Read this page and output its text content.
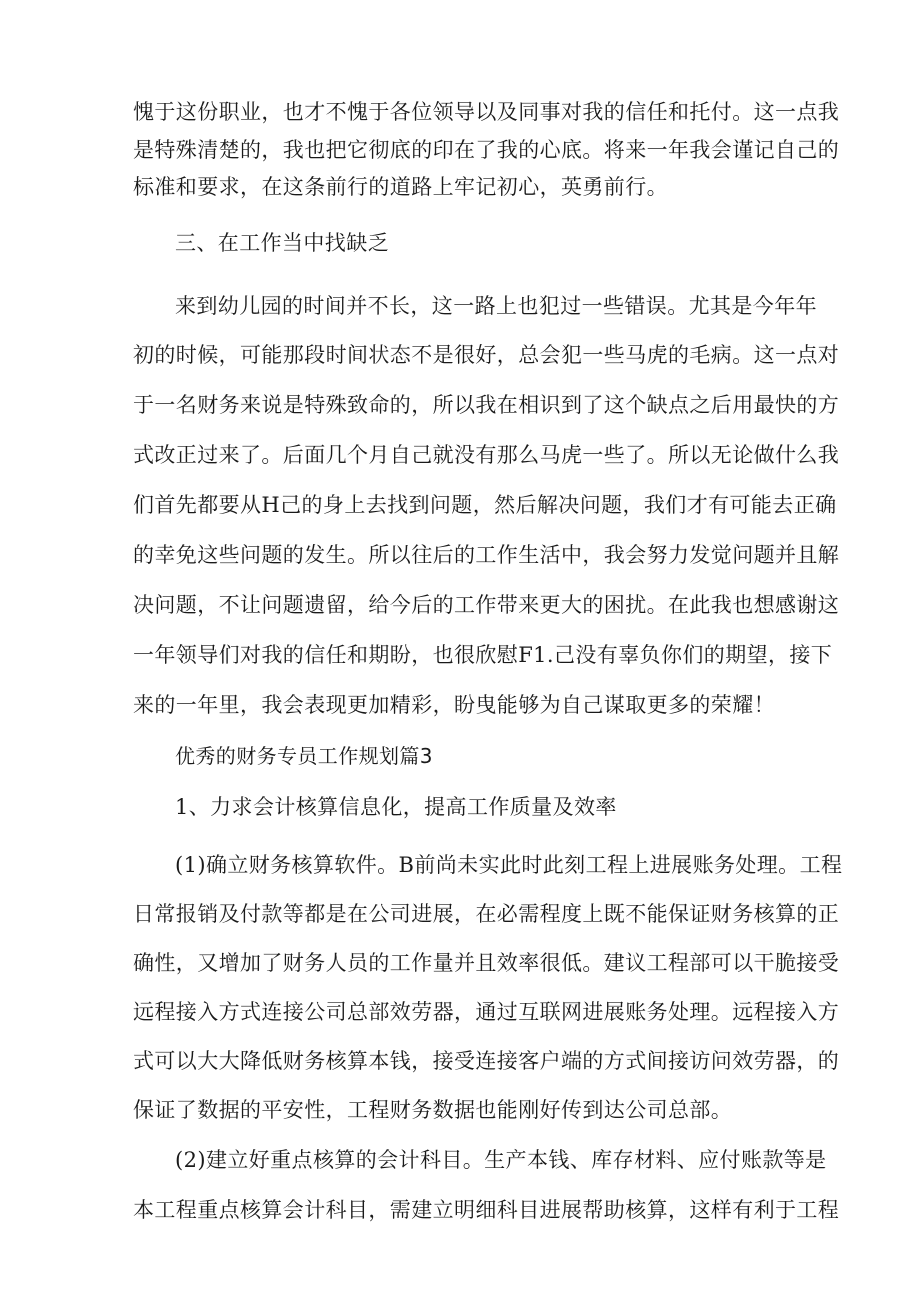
愧于这份职业，也才不愧于各位领导以及同事对我的信任和托付。这一点我
是特殊清楚的，我也把它彻底的印在了我的心底。将来一年我会谨记自己的
标准和要求，在这条前行的道路上牢记初心，英勇前行。
三、在工作当中找缺乏
来到幼儿园的时间并不长，这一路上也犯过一些错误。尤其是今年年
初的时候，可能那段时间状态不是很好，总会犯一些马虎的毛病。这一点对
于一名财务来说是特殊致命的，所以我在相识到了这个缺点之后用最快的方
式改正过来了。后面几个月自己就没有那么马虎一些了。所以无论做什么我
们首先都要从H己的身上去找到问题，然后解决问题，我们才有可能去正确
的幸免这些问题的发生。所以往后的工作生活中，我会努力发觉问题并且解
决问题，不让问题遗留，给今后的工作带来更大的困扰。在此我也想感谢这
一年领导们对我的信任和期盼，也很欣慰F1.己没有辜负你们的期望，接下
来的一年里，我会表现更加精彩，盼曳能够为自己谋取更多的荣耀！
优秀的财务专员工作规划篇3
1、力求会计核算信息化，提高工作质量及效率
(1)确立财务核算软件。B前尚未实此时此刻工程上进展账务处理。工程
日常报销及付款等都是在公司进展，在必需程度上既不能保证财务核算的正
确性，又增加了财务人员的工作量并且效率很低。建议工程部可以干脆接受
远程接入方式连接公司总部效劳器，通过互联网进展账务处理。远程接入方
式可以大大降低财务核算本钱，接受连接客户端的方式间接访问效劳器，的
保证了数据的平安性，工程财务数据也能刚好传到达公司总部。
(2)建立好重点核算的会计科目。生产本钱、库存材料、应付账款等是
本工程重点核算会计科目，需建立明细科目进展帮助核算，这样有利于工程
